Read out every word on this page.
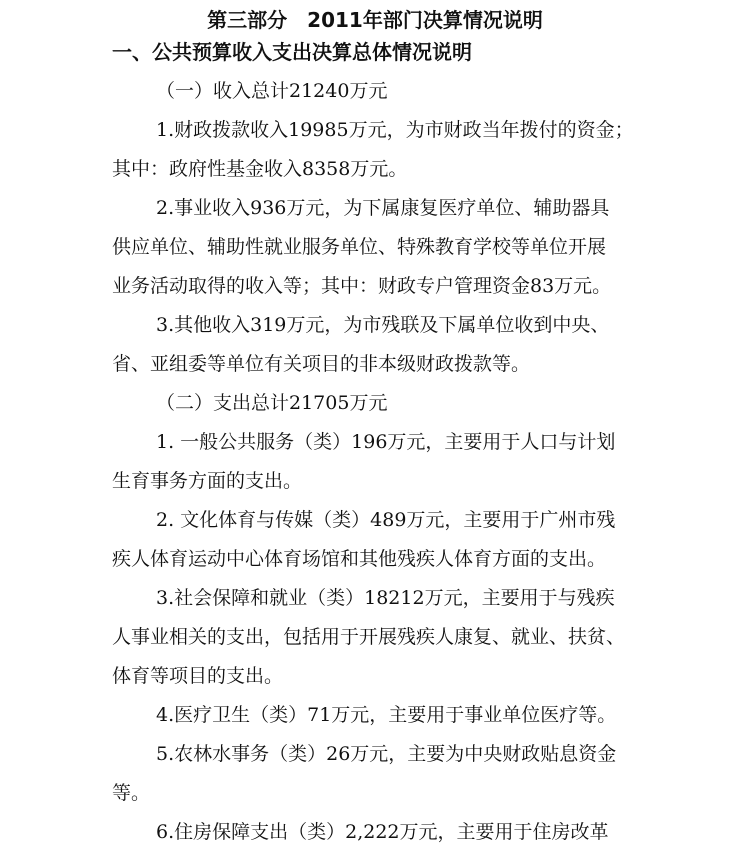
第三部分　2011年部门决算情况说明
一、公共预算收入支出决算总体情况说明
（一）收入总计21240万元
1.财政拨款收入19985万元，为市财政当年拨付的资金；
其中：政府性基金收入8358万元。
2.事业收入936万元，为下属康复医疗单位、辅助器具
供应单位、辅助性就业服务单位、特殊教育学校等单位开展
业务活动取得的收入等；其中：财政专户管理资金83万元。
3.其他收入319万元，为市残联及下属单位收到中央、
省、亚组委等单位有关项目的非本级财政拨款等。
（二）支出总计21705万元
1. 一般公共服务（类）196万元，主要用于人口与计划
生育事务方面的支出。
2. 文化体育与传媒（类）489万元，主要用于广州市残
疾人体育运动中心体育场馆和其他残疾人体育方面的支出。
3.社会保障和就业（类）18212万元，主要用于与残疾
人事业相关的支出，包括用于开展残疾人康复、就业、扶贫、
体育等项目的支出。
4.医疗卫生（类）71万元，主要用于事业单位医疗等。
5.农林水事务（类）26万元，主要为中央财政贴息资金
等。
6.住房保障支出（类）2,222万元，主要用于住房改革
